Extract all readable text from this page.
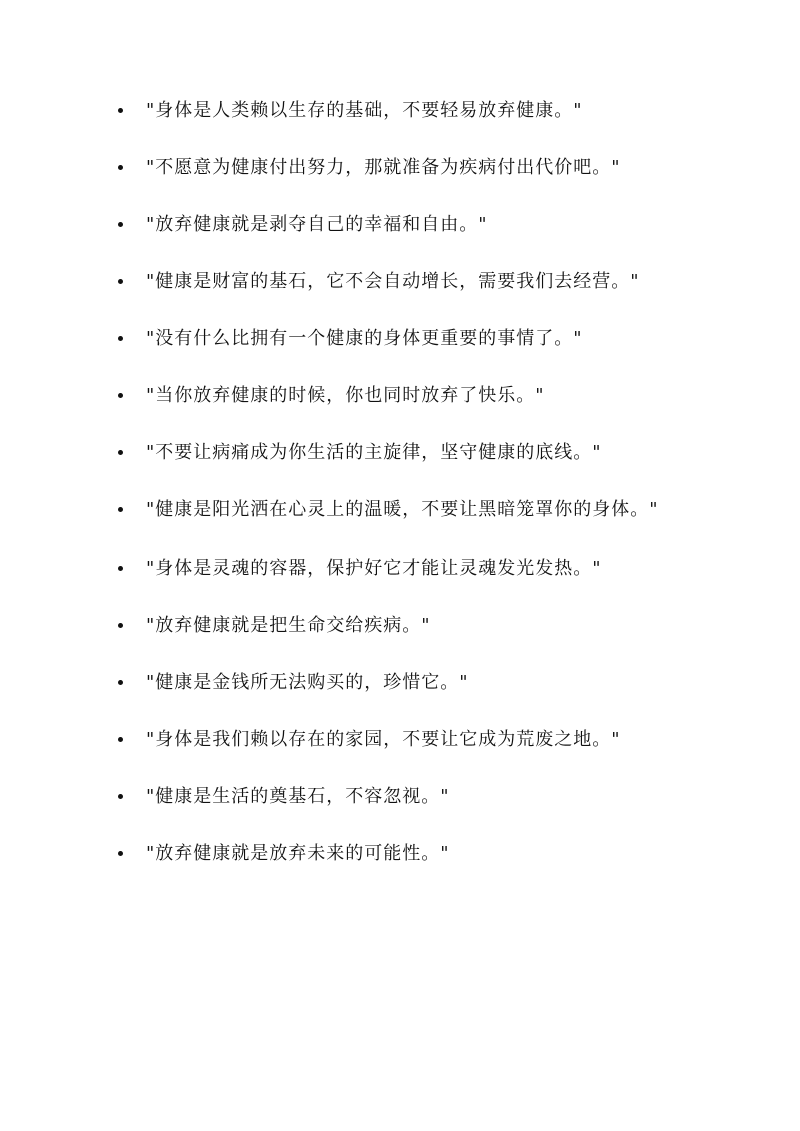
"身体是人类赖以生存的基础，不要轻易放弃健康。"
"不愿意为健康付出努力，那就准备为疾病付出代价吧。"
"放弃健康就是剥夺自己的幸福和自由。"
"健康是财富的基石，它不会自动增长，需要我们去经营。"
"没有什么比拥有一个健康的身体更重要的事情了。"
"当你放弃健康的时候，你也同时放弃了快乐。"
"不要让病痛成为你生活的主旋律，坚守健康的底线。"
"健康是阳光洒在心灵上的温暖，不要让黑暗笼罩你的身体。"
"身体是灵魂的容器，保护好它才能让灵魂发光发热。"
"放弃健康就是把生命交给疾病。"
"健康是金钱所无法购买的，珍惜它。"
"身体是我们赖以存在的家园，不要让它成为荒废之地。"
"健康是生活的奠基石，不容忽视。"
"放弃健康就是放弃未来的可能性。"
